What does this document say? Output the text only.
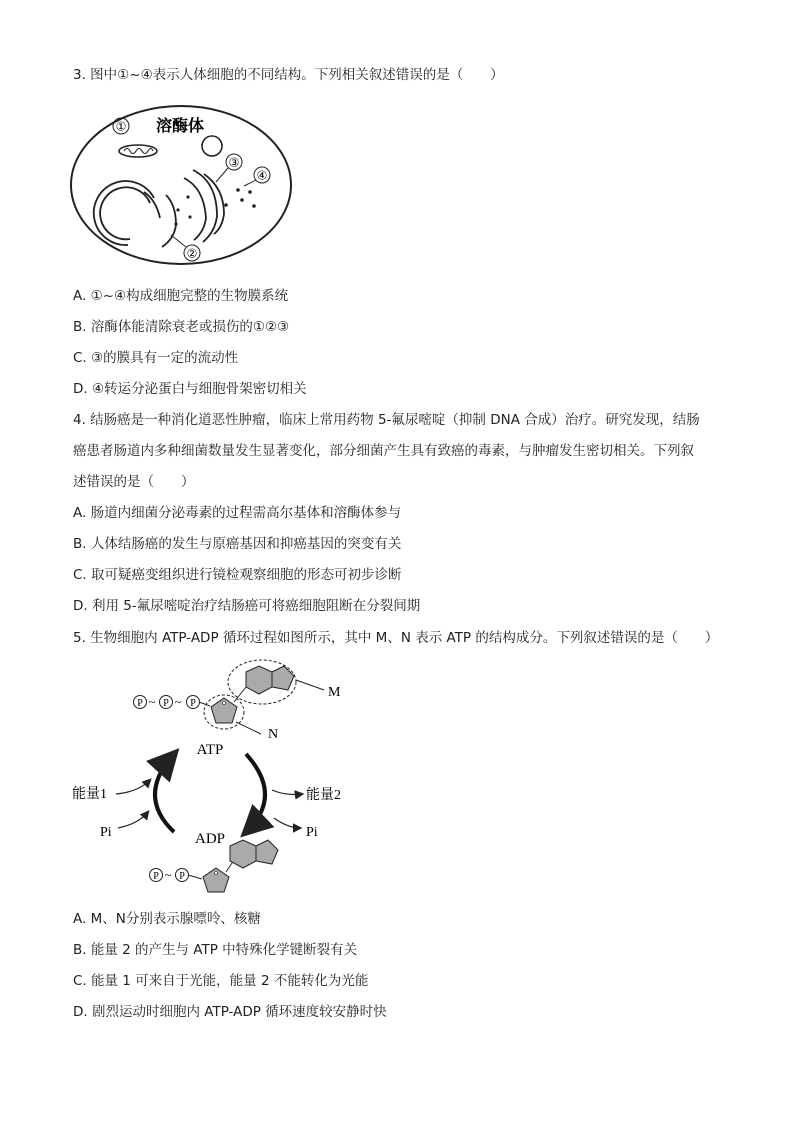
3. 图中①~④表示人体细胞的不同结构。下列相关叙述错误的是（　　）
① 溶酶体
②
③
④
A. ①~④构成细胞完整的生物膜系统
B. 溶酶体能清除衰老或损伤的①②③
C. ③的膜具有一定的流动性
D. ④转运分泌蛋白与细胞骨架密切相关
4. 结肠癌是一种消化道恶性肿瘤，临床上常用药物 5-氟尿嘧啶（抑制 DNA 合成）治疗。研究发现，结肠
癌患者肠道内多种细菌数量发生显著变化，部分细菌产生具有致癌的毒素，与肿瘤发生密切相关。下列叙
述错误的是（　　）
A. 肠道内细菌分泌毒素的过程需高尔基体和溶酶体参与
B. 人体结肠癌的发生与原癌基因和抑癌基因的突变有关
C. 取可疑癌变组织进行镜检观察细胞的形态可初步诊断
D. 利用 5-氟尿嘧啶治疗结肠癌可将癌细胞阻断在分裂间期
5. 生物细胞内 ATP-ADP 循环过程如图所示，其中 M、N 表示 ATP 的结构成分。下列叙述错误的是（　　）
P ~ P ~ P
M
N
ATP
ADP
能量1
Pi
能量2
Pi
P ~ P
A. M、N分别表示腺嘌呤、核糖
B. 能量 2 的产生与 ATP 中特殊化学键断裂有关
C. 能量 1 可来自于光能，能量 2 不能转化为光能
D. 剧烈运动时细胞内 ATP-ADP 循环速度较安静时快
